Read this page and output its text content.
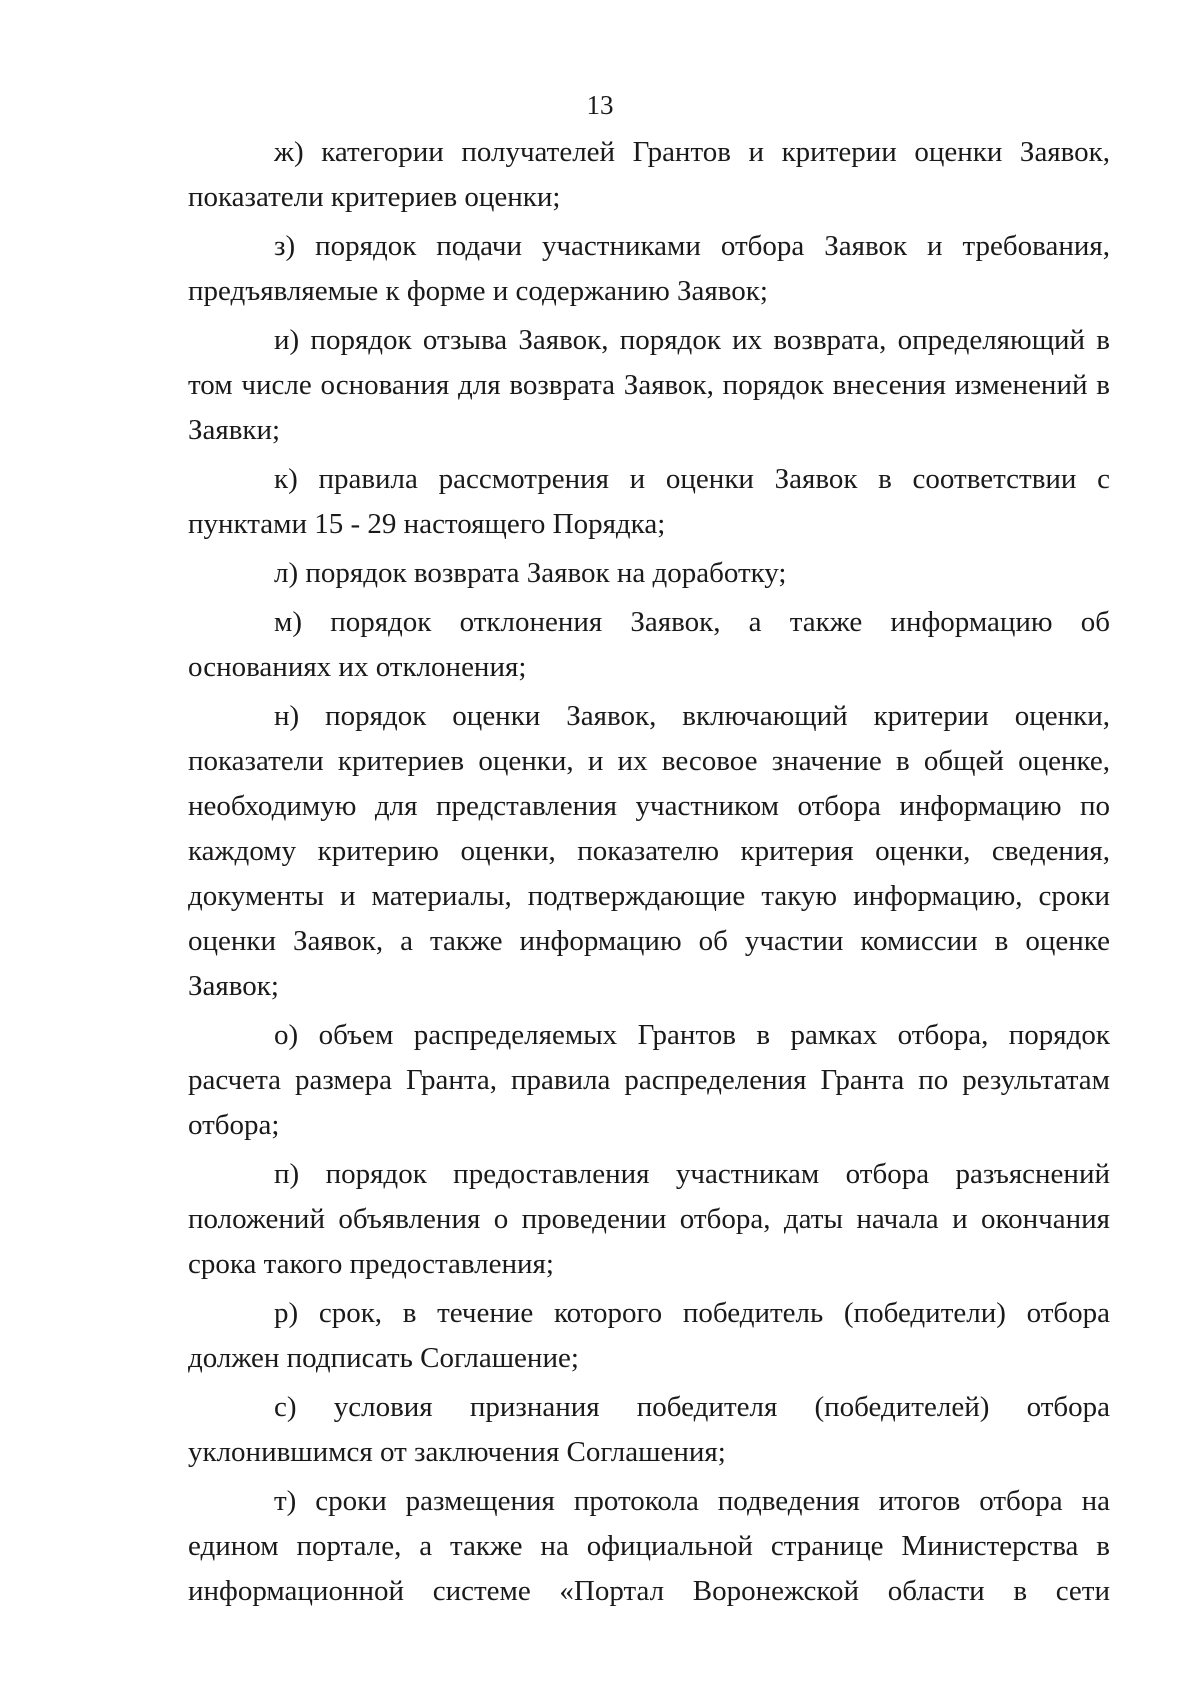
13

ж) категории получателей Грантов и критерии оценки Заявок, показатели критериев оценки;

з) порядок подачи участниками отбора Заявок и требования, предъявляемые к форме и содержанию Заявок;

и) порядок отзыва Заявок, порядок их возврата, определяющий в том числе основания для возврата Заявок, порядок внесения изменений в Заявки;

к) правила рассмотрения и оценки Заявок в соответствии с пунктами 15 - 29 настоящего Порядка;

л) порядок возврата Заявок на доработку;

м) порядок отклонения Заявок, а также информацию об основаниях их отклонения;

н) порядок оценки Заявок, включающий критерии оценки, показатели критериев оценки, и их весовое значение в общей оценке, необходимую для представления участником отбора информацию по каждому критерию оценки, показателю критерия оценки, сведения, документы и материалы, подтверждающие такую информацию, сроки оценки Заявок, а также информацию об участии комиссии в оценке Заявок;

о) объем распределяемых Грантов в рамках отбора, порядок расчета размера Гранта, правила распределения Гранта по результатам отбора;

п) порядок предоставления участникам отбора разъяснений положений объявления о проведении отбора, даты начала и окончания срока такого предоставления;

р) срок, в течение которого победитель (победители) отбора должен подписать Соглашение;

с) условия признания победителя (победителей) отбора уклонившимся от заключения Соглашения;

т) сроки размещения протокола подведения итогов отбора на едином портале, а также на официальной странице Министерства в информационной системе «Портал Воронежской области в сети
